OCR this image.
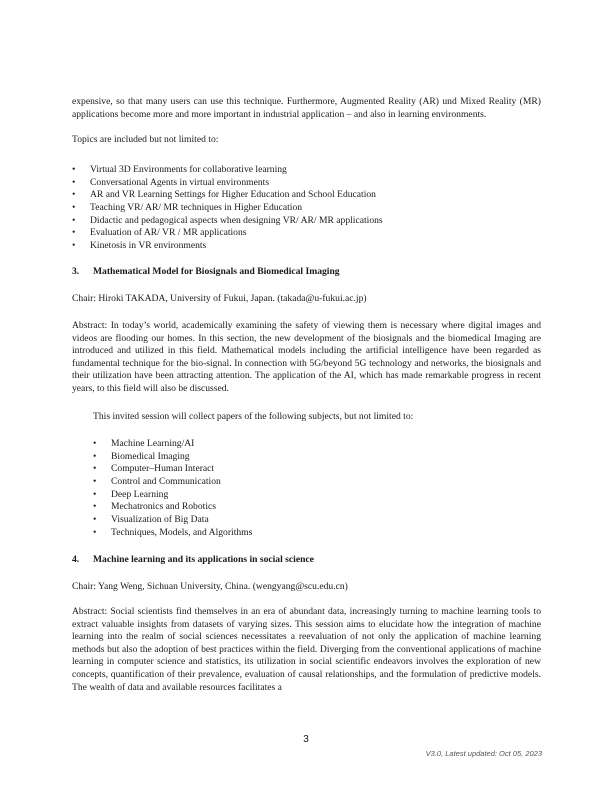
expensive, so that many users can use this technique. Furthermore, Augmented Reality (AR) und Mixed Reality (MR) applications become more and more important in industrial application – and also in learning environments.

Topics are included but not limited to:

• Virtual 3D Environments for collaborative learning
• Conversational Agents in virtual environments
• AR and VR Learning Settings for Higher Education and School Education
• Teaching VR/ AR/ MR techniques in Higher Education
• Didactic and pedagogical aspects when designing VR/ AR/ MR applications
• Evaluation of AR/ VR / MR applications
• Kinetosis in VR environments

3. Mathematical Model for Biosignals and Biomedical Imaging

Chair: Hiroki TAKADA, University of Fukui, Japan. (takada@u-fukui.ac.jp)

Abstract: In today’s world, academically examining the safety of viewing them is necessary where digital images and videos are flooding our homes. In this section, the new development of the biosignals and the biomedical Imaging are introduced and utilized in this field. Mathematical models including the artificial intelligence have been regarded as fundamental technique for the bio-signal. In connection with 5G/beyond 5G technology and networks, the biosignals and their utilization have been attracting attention. The application of the AI, which has made remarkable progress in recent years, to this field will also be discussed.

This invited session will collect papers of the following subjects, but not limited to:

• Machine Learning/AI
• Biomedical Imaging
• Computer–Human Interact
• Control and Communication
• Deep Learning
• Mechatronics and Robotics
• Visualization of Big Data
• Techniques, Models, and Algorithms

4. Machine learning and its applications in social science

Chair: Yang Weng, Sichuan University, China. (wengyang@scu.edu.cn)

Abstract: Social scientists find themselves in an era of abundant data, increasingly turning to machine learning tools to extract valuable insights from datasets of varying sizes. This session aims to elucidate how the integration of machine learning into the realm of social sciences necessitates a reevaluation of not only the application of machine learning methods but also the adoption of best practices within the field. Diverging from the conventional applications of machine learning in computer science and statistics, its utilization in social scientific endeavors involves the exploration of new concepts, quantification of their prevalence, evaluation of causal relationships, and the formulation of predictive models. The wealth of data and available resources facilitates a

3
V3.0, Latest updated: Oct 05, 2023
